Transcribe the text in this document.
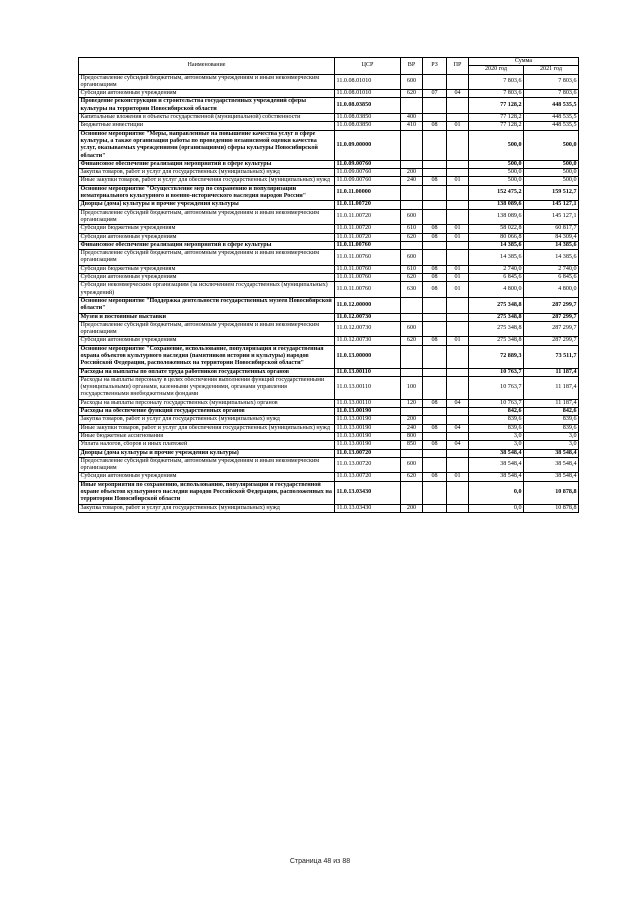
Наименование	ЦСР	ВР	РЗ	ПР	Сумма	
					2020 год	2021 год
Предоставление субсидий бюджетным, автономным учреждениям и иным некоммерческим организациям	11.0.08.01010	600			7 803,6	7 803,6
Субсидии автономным учреждениям	11.0.08.01010	620	07	04	7 803,6	7 803,6
Проведение реконструкции и строительства государственных учреждений сферы культуры на территории Новосибирской области	11.0.08.03850				77 128,2	448 535,5
Капитальные вложения в объекты государственной (муниципальной) собственности	11.0.08.03850	400			77 128,2	448 535,5
Бюджетные инвестиции	11.0.08.03850	410	08	01	77 128,2	448 535,5
Основное мероприятие "Меры, направленные на повышение качества услуг в сфере культуры, а также организация работы по проведению независимой оценки качества услуг, оказываемых учреждениями (организациями) сферы культуры Новосибирской области"	11.0.09.00000				500,0	500,0
Финансовое обеспечение реализации мероприятий в сфере культуры	11.0.09.00760				500,0	500,0
Закупка товаров, работ и услуг для государственных (муниципальных) нужд	11.0.09.00760	200			500,0	500,0
Иные закупки товаров, работ и услуг для обеспечения государственных (муниципальных) нужд	11.0.09.00760	240	08	01	500,0	500,0
Основное мероприятие "Осуществление мер по сохранению и популяризации нематериального культурного и военно-исторического наследия народов России"	11.0.11.00000				152 475,2	159 512,7
Дворцы (дома) культуры и прочие учреждения культуры	11.0.11.00720				138 089,6	145 127,1
Предоставление субсидий бюджетным, автономным учреждениям и иным некоммерческим организациям	11.0.11.00720	600			138 089,6	145 127,1
Субсидии бюджетным учреждениям	11.0.11.00720	610	08	01	58 022,8	60 817,7
Субсидии автономным учреждениям	11.0.11.00720	620	08	01	80 066,8	84 309,4
Финансовое обеспечение реализации мероприятий в сфере культуры	11.0.11.00760				14 385,6	14 385,6
Предоставление субсидий бюджетным, автономным учреждениям и иным некоммерческим организациям	11.0.11.00760	600			14 385,6	14 385,6
Субсидии бюджетным учреждениям	11.0.11.00760	610	08	01	2 740,0	2 740,0
Субсидии автономным учреждениям	11.0.11.00760	620	08	01	6 845,6	6 845,6
Субсидии некоммерческим организациям (за исключением государственных (муниципальных) учреждений)	11.0.11.00760	630	08	01	4 800,0	4 800,0
Основное мероприятие "Поддержка деятельности государственных музеев Новосибирской области"	11.0.12.00000				275 348,8	287 299,7
Музеи и постоянные выставки	11.0.12.00730				275 348,8	287 299,7
Предоставление субсидий бюджетным, автономным учреждениям и иным некоммерческим организациям	11.0.12.00730	600			275 348,8	287 299,7
Субсидии автономным учреждениям	11.0.12.00730	620	08	01	275 348,8	287 299,7
Основное мероприятие "Сохранение, использование, популяризация и государственная охрана объектов культурного наследия (памятников истории и культуры) народов Российской Федерации, расположенных на территории Новосибирской области"	11.0.13.00000				72 889,3	73 511,7
Расходы на выплаты по оплате труда работников государственных органов	11.0.13.00110				10 763,7	11 187,4
Расходы на выплаты персоналу в целях обеспечения выполнения функций государственными (муниципальными) органами, казенными учреждениями, органами управления государственными внебюджетными фондами	11.0.13.00110	100			10 763,7	11 187,4
Расходы на выплаты персоналу государственных (муниципальных) органов	11.0.13.00110	120	08	04	10 763,7	11 187,4
Расходы на обеспечение функций государственных органов	11.0.13.00190				842,6	842,6
Закупка товаров, работ и услуг для государственных (муниципальных) нужд	11.0.13.00190	200			839,6	839,6
Иные закупки товаров, работ и услуг для обеспечения государственных (муниципальных) нужд	11.0.13.00190	240	08	04	839,6	839,6
Иные бюджетные ассигнования	11.0.13.00190	800			3,0	3,0
Уплата налогов, сборов и иных платежей	11.0.13.00190	850	08	04	3,0	3,0
Дворцы (дома культуры и прочие учреждения культуры)	11.0.13.00720				38 548,4	38 548,4
Предоставление субсидий бюджетным, автономным учреждениям и иным некоммерческим организациям	11.0.13.00720	600			38 548,4	38 548,4
Субсидии автономным учреждениям	11.0.13.00720	620	08	01	38 548,4	38 548,4
Иные мероприятия по сохранению, использованию, популяризации и государственной охране объектов культурного наследия народов Российской Федерации, расположенных на территории Новосибирской области	11.0.13.03430				0,0	10 878,8
Закупка товаров, работ и услуг для государственных (муниципальных) нужд	11.0.13.03430	200			0,0	10 878,8
Страница 48 из 88
